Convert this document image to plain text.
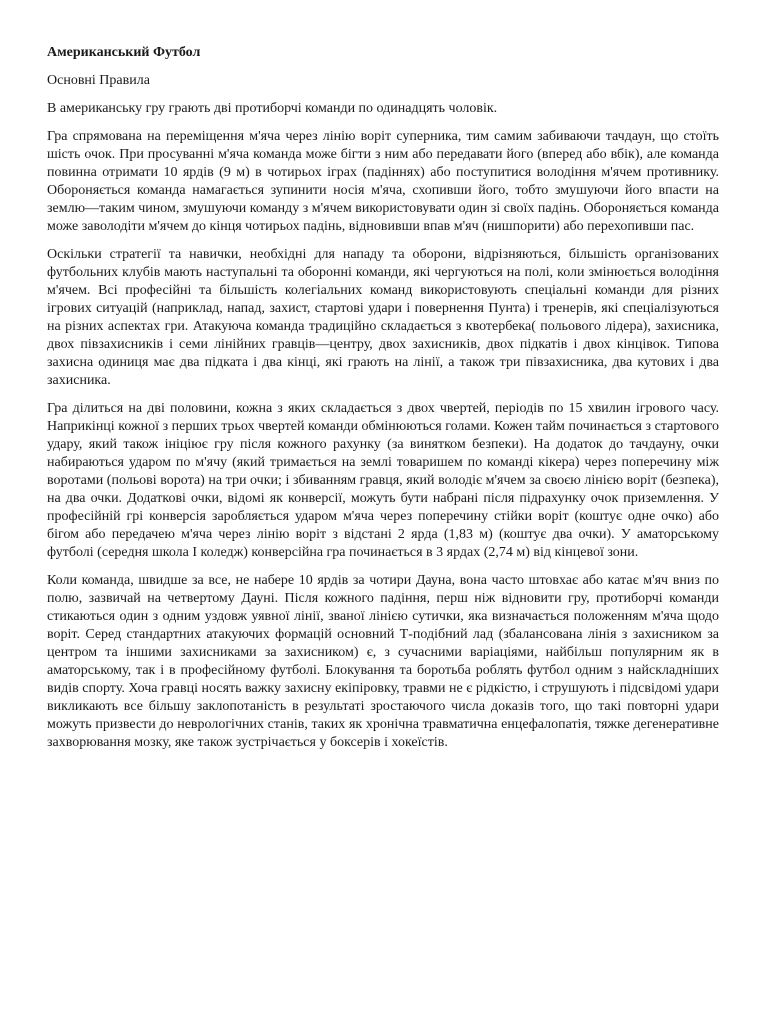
Американський Футбол
Основні Правила

В американську гру грають дві протиборчі команди по одинадцять чоловік.

Гра спрямована на переміщення м'яча через лінію воріт суперника, тим самим забиваючи тачдаун, що стоїть шість очок. При просуванні м'яча команда може бігти з ним або передавати його (вперед або вбік), але команда повинна отримати 10 ярдів (9 м) в чотирьох іграх (падіннях) або поступитися володіння м'ячем противнику. Обороняється команда намагається зупинити носія м'яча, схопивши його, тобто змушуючи його впасти на землю—таким чином, змушуючи команду з м'ячем використовувати один зі своїх падінь. Обороняється команда може заволодіти м'ячем до кінця чотирьох падінь, відновивши впав м'яч (нишпорити) або перехопивши пас.

Оскільки стратегії та навички, необхідні для нападу та оборони, відрізняються, більшість організованих футбольних клубів мають наступальні та оборонні команди, які чергуються на полі, коли змінюється володіння м'ячем. Всі професійні та більшість колегіальних команд використовують спеціальні команди для різних ігрових ситуацій (наприклад, напад, захист, стартові удари і повернення Пунта) і тренерів, які спеціалізуються на різних аспектах гри. Атакуюча команда традиційно складається з квотербека( польового лідера), захисника, двох півзахисників і семи лінійних гравців—центру, двох захисників, двох підкатів і двох кінцівок. Типова захисна одиниця має два підката і два кінці, які грають на лінії, а також три півзахисника, два кутових і два захисника.

Гра ділиться на дві половини, кожна з яких складається з двох чвертей, періодів по 15 хвилин ігрового часу. Наприкінці кожної з перших трьох чвертей команди обмінюються голами. Кожен тайм починається з стартового удару, який також ініціює гру після кожного рахунку (за винятком безпеки). На додаток до тачдауну, очки набираються ударом по м'ячу (який тримається на землі товаришем по команді кікера) через поперечину між воротами (польові ворота) на три очки; і збиванням гравця, який володіє м'ячем за своєю лінією воріт (безпека), на два очки. Додаткові очки, відомі як конверсії, можуть бути набрані після підрахунку очок приземлення. У професійній грі конверсія заробляється ударом м'яча через поперечину стійки воріт (коштує одне очко) або бігом або передачею м'яча через лінію воріт з відстані 2 ярда (1,83 м) (коштує два очки). У аматорському футболі (середня школа І коледж) конверсійна гра починається в 3 ярдах (2,74 м) від кінцевої зони.

Коли команда, швидше за все, не набере 10 ярдів за чотири Дауна, вона часто штовхає або катає м'яч вниз по полю, зазвичай на четвертому Дауні. Після кожного падіння, перш ніж відновити гру, протиборчі команди стикаються один з одним уздовж уявної лінії, званої лінією сутички, яка визначається положенням м'яча щодо воріт. Серед стандартних атакуючих формацій основний Т-подібний лад (збалансована лінія з захисником за центром та іншими захисниками за захисником) є, з сучасними варіаціями, найбільш популярним як в аматорському, так і в професійному футболі. Блокування та боротьба роблять футбол одним з найскладніших видів спорту. Хоча гравці носять важку захисну екіпіровку, травми не є рідкістю, і струшують і підсвідомі удари викликають все більшу заклопотаність в результаті зростаючого числа доказів того, що такі повторні удари можуть призвести до неврологічних станів, таких як хронічна травматична енцефалопатія, тяжке дегенеративне захворювання мозку, яке також зустрічається у боксерів і хокеїстів.
